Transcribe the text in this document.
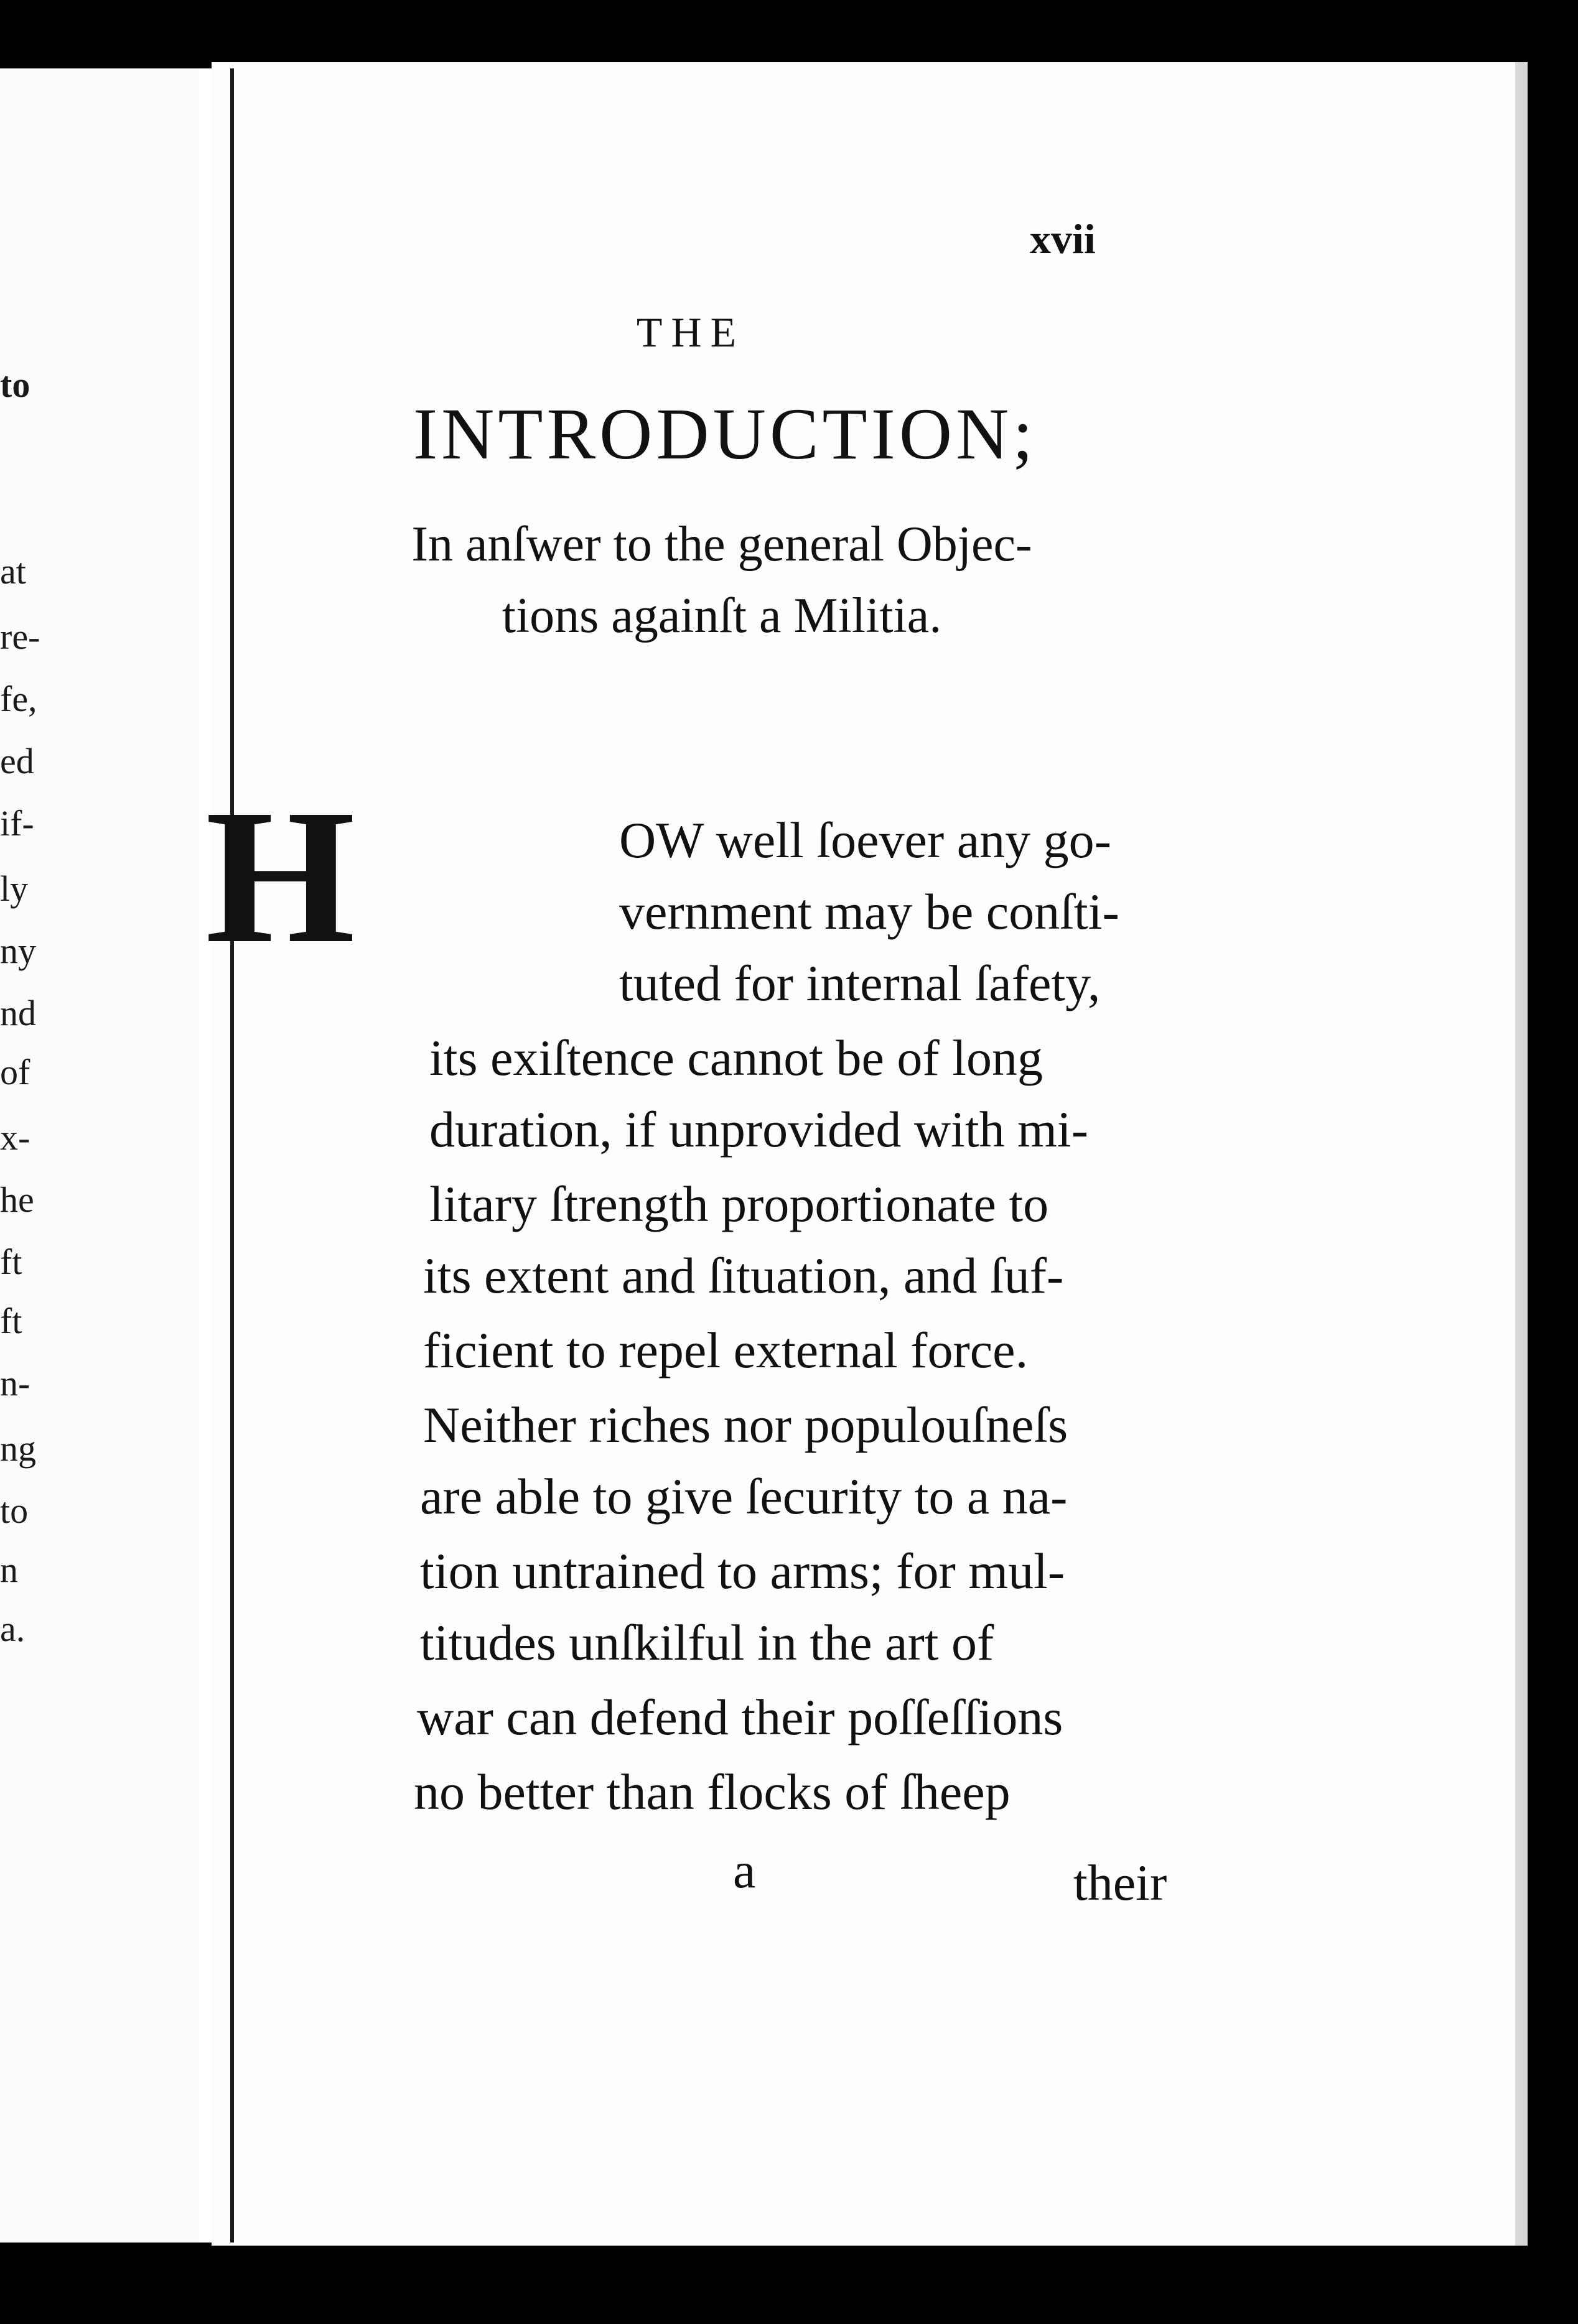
to
at
re-
fe,
ed
if-
ly
ny
nd
of
x-
he
ft
ft
n-
ng
to
n
a.
xvii
THE
INTRODUCTION;
In anſwer to the general Objec-
tions againſt a Militia.
H	OW well ſoever any go-
vernment may be conſti-
tuted for internal ſafety,
its exiſtence cannot be of long
duration, if unprovided with mi-
litary ſtrength proportionate to
its extent and ſituation, and ſuf-
ficient to repel external force.
Neither riches nor populouſneſs
are able to give ſecurity to a na-
tion untrained to arms; for mul-
titudes unſkilful in the art of
war can defend their poſſeſſions
no better than flocks of ſheep
a	their
